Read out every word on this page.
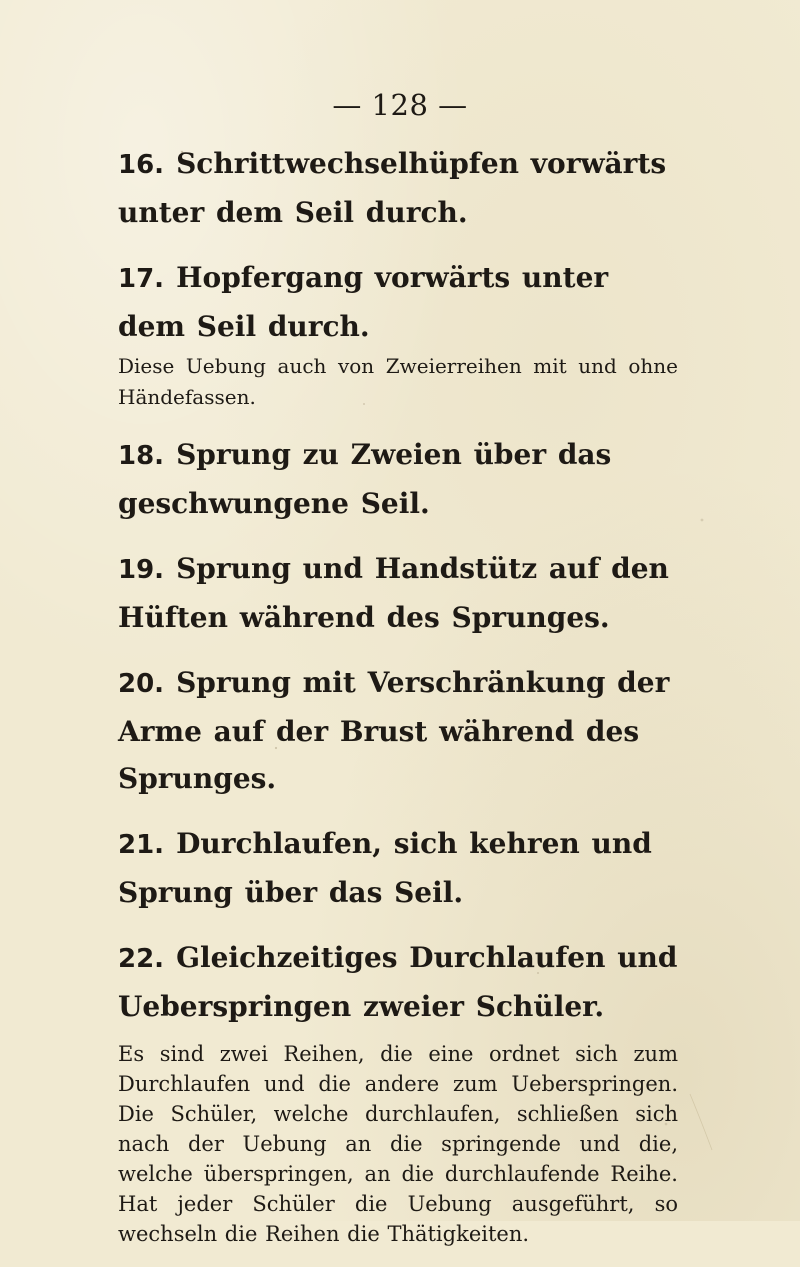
— 128 —

16. Schrittwechselhüpfen vorwärts unter dem Seil durch.

17. Hopfergang vorwärts unter dem Seil durch.

Diese Uebung auch von Zweierreihen mit und ohne Händefassen.

18. Sprung zu Zweien über das geschwungene Seil.

19. Sprung und Handstütz auf den Hüften während des Sprunges.

20. Sprung mit Verschränkung der Arme auf der Brust während des Sprunges.

21. Durchlaufen, sich kehren und Sprung über das Seil.

22. Gleichzeitiges Durchlaufen und Ueberspringen zweier Schüler.

Es sind zwei Reihen, die eine ordnet sich zum Durchlaufen und die andere zum Ueberspringen. Die Schüler, welche durchlaufen, schließen sich nach der Uebung an die springende und die, welche überspringen, an die durchlaufende Reihe. Hat jeder Schüler die Uebung ausgeführt, so wechseln die Reihen die Thätigkeiten.
